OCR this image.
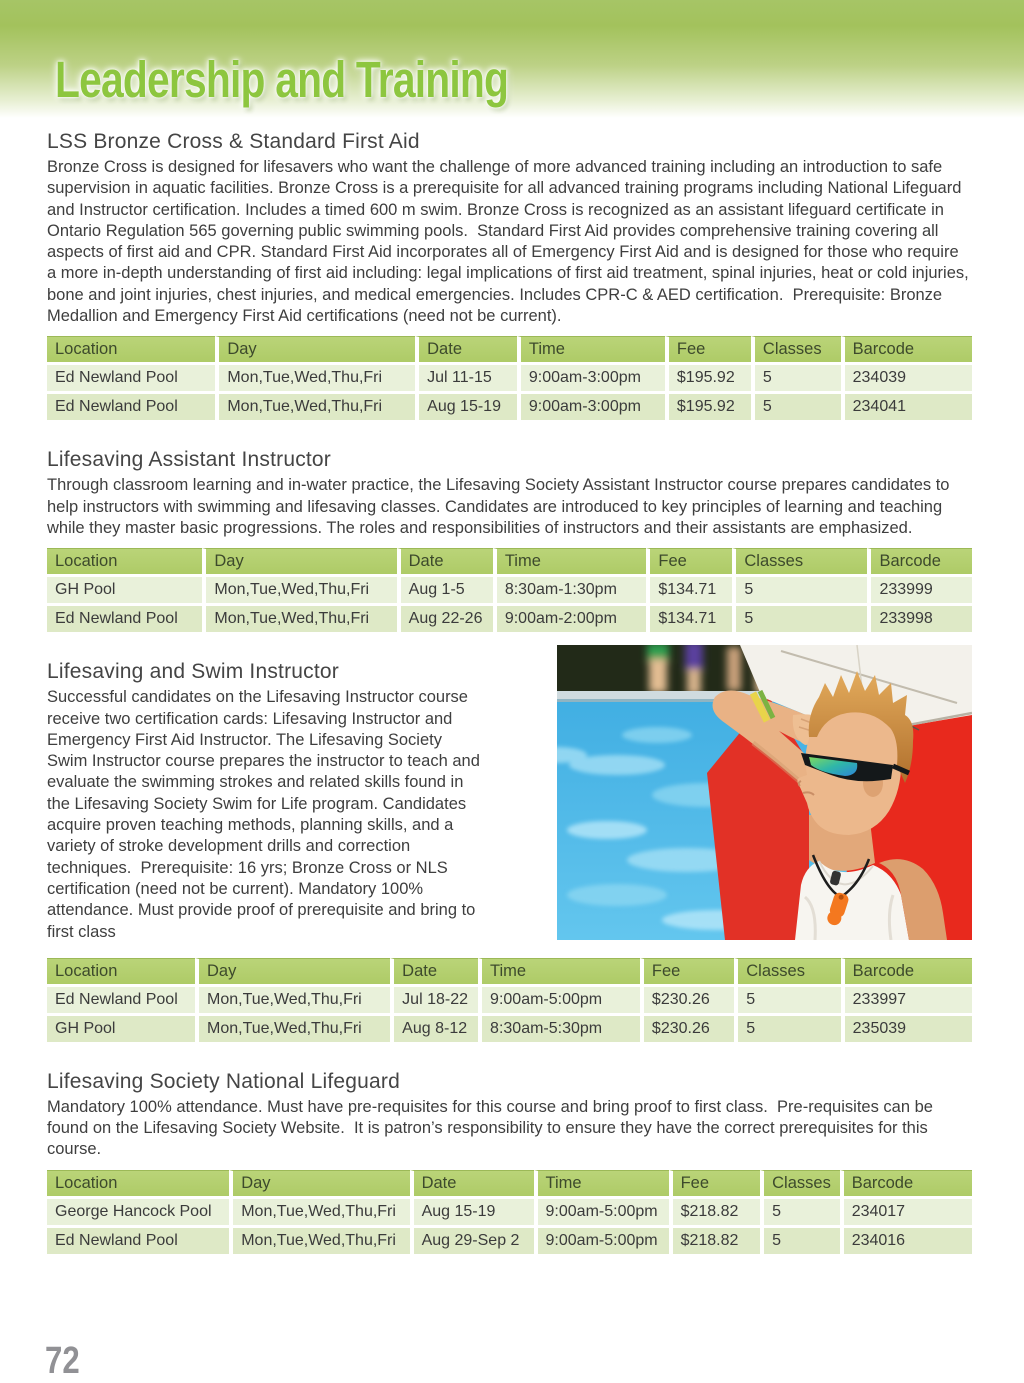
Leadership and Training
LSS Bronze Cross & Standard First Aid

Bronze Cross is designed for lifesavers who want the challenge of more advanced training including an introduction to safe supervision in aquatic facilities. Bronze Cross is a prerequisite for all advanced training programs including National Lifeguard and Instructor certification. Includes a timed 600 m swim. Bronze Cross is recognized as an assistant lifeguard certificate in Ontario Regulation 565 governing public swimming pools.  Standard First Aid provides comprehensive training covering all aspects of first aid and CPR. Standard First Aid incorporates all of Emergency First Aid and is designed for those who require a more in-depth understanding of first aid including: legal implications of first aid treatment, spinal injuries, heat or cold injuries, bone and joint injuries, chest injuries, and medical emergencies. Includes CPR-C & AED certification.  Prerequisite: Bronze Medallion and Emergency First Aid certifications (need not be current).

Location	Day	Date	Time	Fee	Classes	Barcode
Ed Newland Pool	Mon,Tue,Wed,Thu,Fri	Jul 11-15	9:00am-3:00pm	$195.92	5	234039
Ed Newland Pool	Mon,Tue,Wed,Thu,Fri	Aug 15-19	9:00am-3:00pm	$195.92	5	234041
Lifesaving Assistant Instructor

Through classroom learning and in-water practice, the Lifesaving Society Assistant Instructor course prepares candidates to help instructors with swimming and lifesaving classes. Candidates are introduced to key principles of learning and teaching while they master basic progressions. The roles and responsibilities of instructors and their assistants are emphasized.

Location	Day	Date	Time	Fee	Classes	Barcode
GH Pool	Mon,Tue,Wed,Thu,Fri	Aug 1-5	8:30am-1:30pm	$134.71	5	233999
Ed Newland Pool	Mon,Tue,Wed,Thu,Fri	Aug 22-26	9:00am-2:00pm	$134.71	5	233998
Lifesaving and Swim Instructor

Successful candidates on the Lifesaving Instructor course receive two certification cards: Lifesaving Instructor and Emergency First Aid Instructor. The Lifesaving Society Swim Instructor course prepares the instructor to teach and evaluate the swimming strokes and related skills found in the Lifesaving Society Swim for Life program. Candidates acquire proven teaching methods, planning skills, and a variety of stroke development drills and correction techniques.  Prerequisite: 16 yrs; Bronze Cross or NLS certification (need not be current). Mandatory 100% attendance. Must provide proof of prerequisite and bring to first class

Location	Day	Date	Time	Fee	Classes	Barcode
Ed Newland Pool	Mon,Tue,Wed,Thu,Fri	Jul 18-22	9:00am-5:00pm	$230.26	5	233997
GH Pool	Mon,Tue,Wed,Thu,Fri	Aug 8-12	8:30am-5:30pm	$230.26	5	235039
Lifesaving Society National Lifeguard

Mandatory 100% attendance. Must have pre-requisites for this course and bring proof to first class.  Pre-requisites can be found on the Lifesaving Society Website.  It is patron’s responsibility to ensure they have the correct prerequisites for this course.

Location	Day	Date	Time	Fee	Classes	Barcode
George Hancock Pool	Mon,Tue,Wed,Thu,Fri	Aug 15-19	9:00am-5:00pm	$218.82	5	234017
Ed Newland Pool	Mon,Tue,Wed,Thu,Fri	Aug 29-Sep 2	9:00am-5:00pm	$218.82	5	234016
72
